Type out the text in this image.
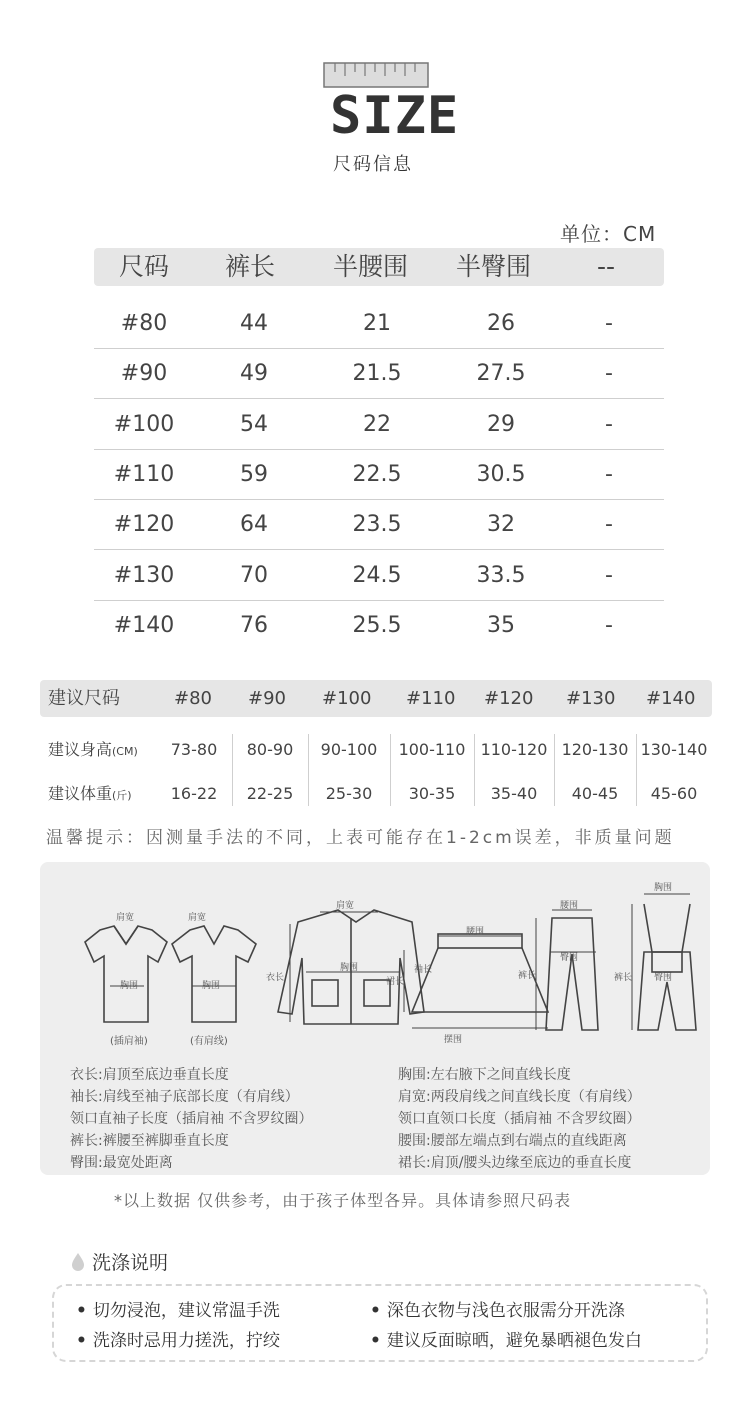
SIZE
尺码信息
单位：CM
尺码 裤长 半腰围 半臀围	--
#80	44	21	26	-
#90	49	21.5	27.5	-
#100	54	22	29	-
#110	59	22.5	30.5	-
#120	64	23.5	32	-
#130	70	24.5	33.5	-
#140	76	25.5	35	-
建议尺码	#80 #90 #100 #110 #120 #130 #140
建议身高(CM)	73-80	80-90	90-100	100-110 110-120 120-130 130-140
建议体重(斤)	16-22	22-25	25-30	30-35	35-40	40-45	45-60
温馨提示：因测量手法的不同，上表可能存在1-2cm误差，非质量问题
肩宽
胸围
(插肩袖)
肩宽
胸围
(有肩线)
肩宽
胸围
衣长
袖长
腰围
摆围
裙长
腰围
臀围
裤长
胸围
臀围
裤长
衣长:肩顶至底边垂直长度
袖长:肩线至袖子底部长度（有肩线）
领口直袖子长度（插肩袖 不含罗纹圈）
裤长:裤腰至裤脚垂直长度
臀围:最宽处距离
胸围:左右腋下之间直线长度
肩宽:两段肩线之间直线长度（有肩线）
领口直领口长度（插肩袖 不含罗纹圈）
腰围:腰部左端点到右端点的直线距离
裙长:肩顶/腰头边缘至底边的垂直长度
*以上数据 仅供参考，由于孩子体型各异。具体请参照尺码表
洗涤说明
• 切勿浸泡，建议常温手洗	• 深色衣物与浅色衣服需分开洗涤
• 洗涤时忌用力搓洗，拧绞	• 建议反面晾晒，避免暴晒褪色发白
